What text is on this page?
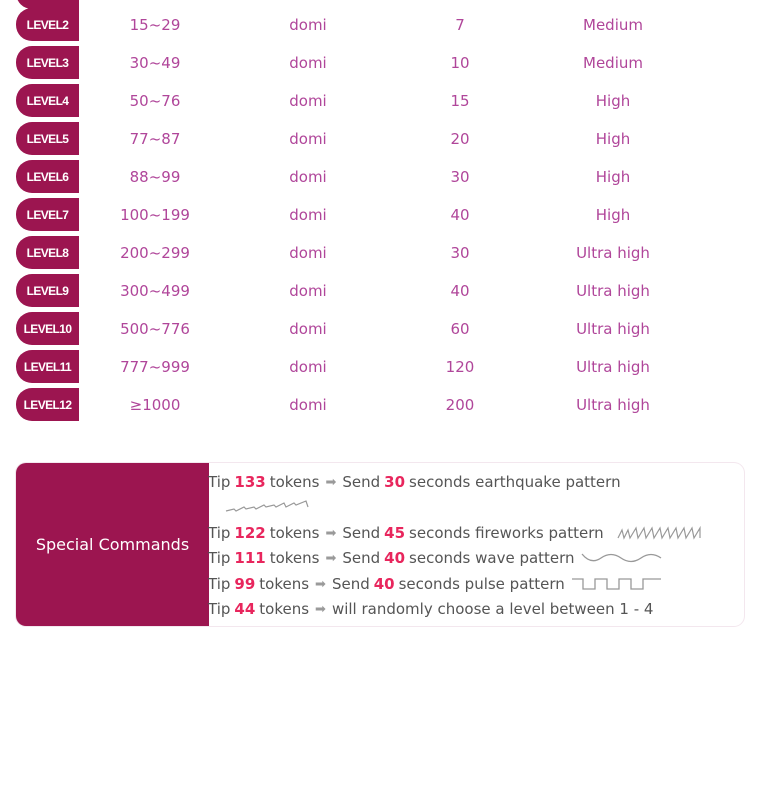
LEVEL2	15~29	domi	7	Medium
LEVEL3	30~49	domi	10	Medium
LEVEL4	50~76	domi	15	High
LEVEL5	77~87	domi	20	High
LEVEL6	88~99	domi	30	High
LEVEL7	100~199	domi	40	High
LEVEL8	200~299	domi	30	Ultra high
LEVEL9	300~499	domi	40	Ultra high
LEVEL10	500~776	domi	60	Ultra high
LEVEL11	777~999	domi	120	Ultra high
LEVEL12	≥1000	domi	200	Ultra high
Special Commands
Tip 133 tokens ➡ Send 30 seconds earthquake pattern
Tip 122 tokens ➡ Send 45 seconds fireworks pattern
Tip 111 tokens ➡ Send 40 seconds wave pattern
Tip 99 tokens ➡ Send 40 seconds pulse pattern
Tip 44 tokens ➡ will randomly choose a level between 1 - 4
